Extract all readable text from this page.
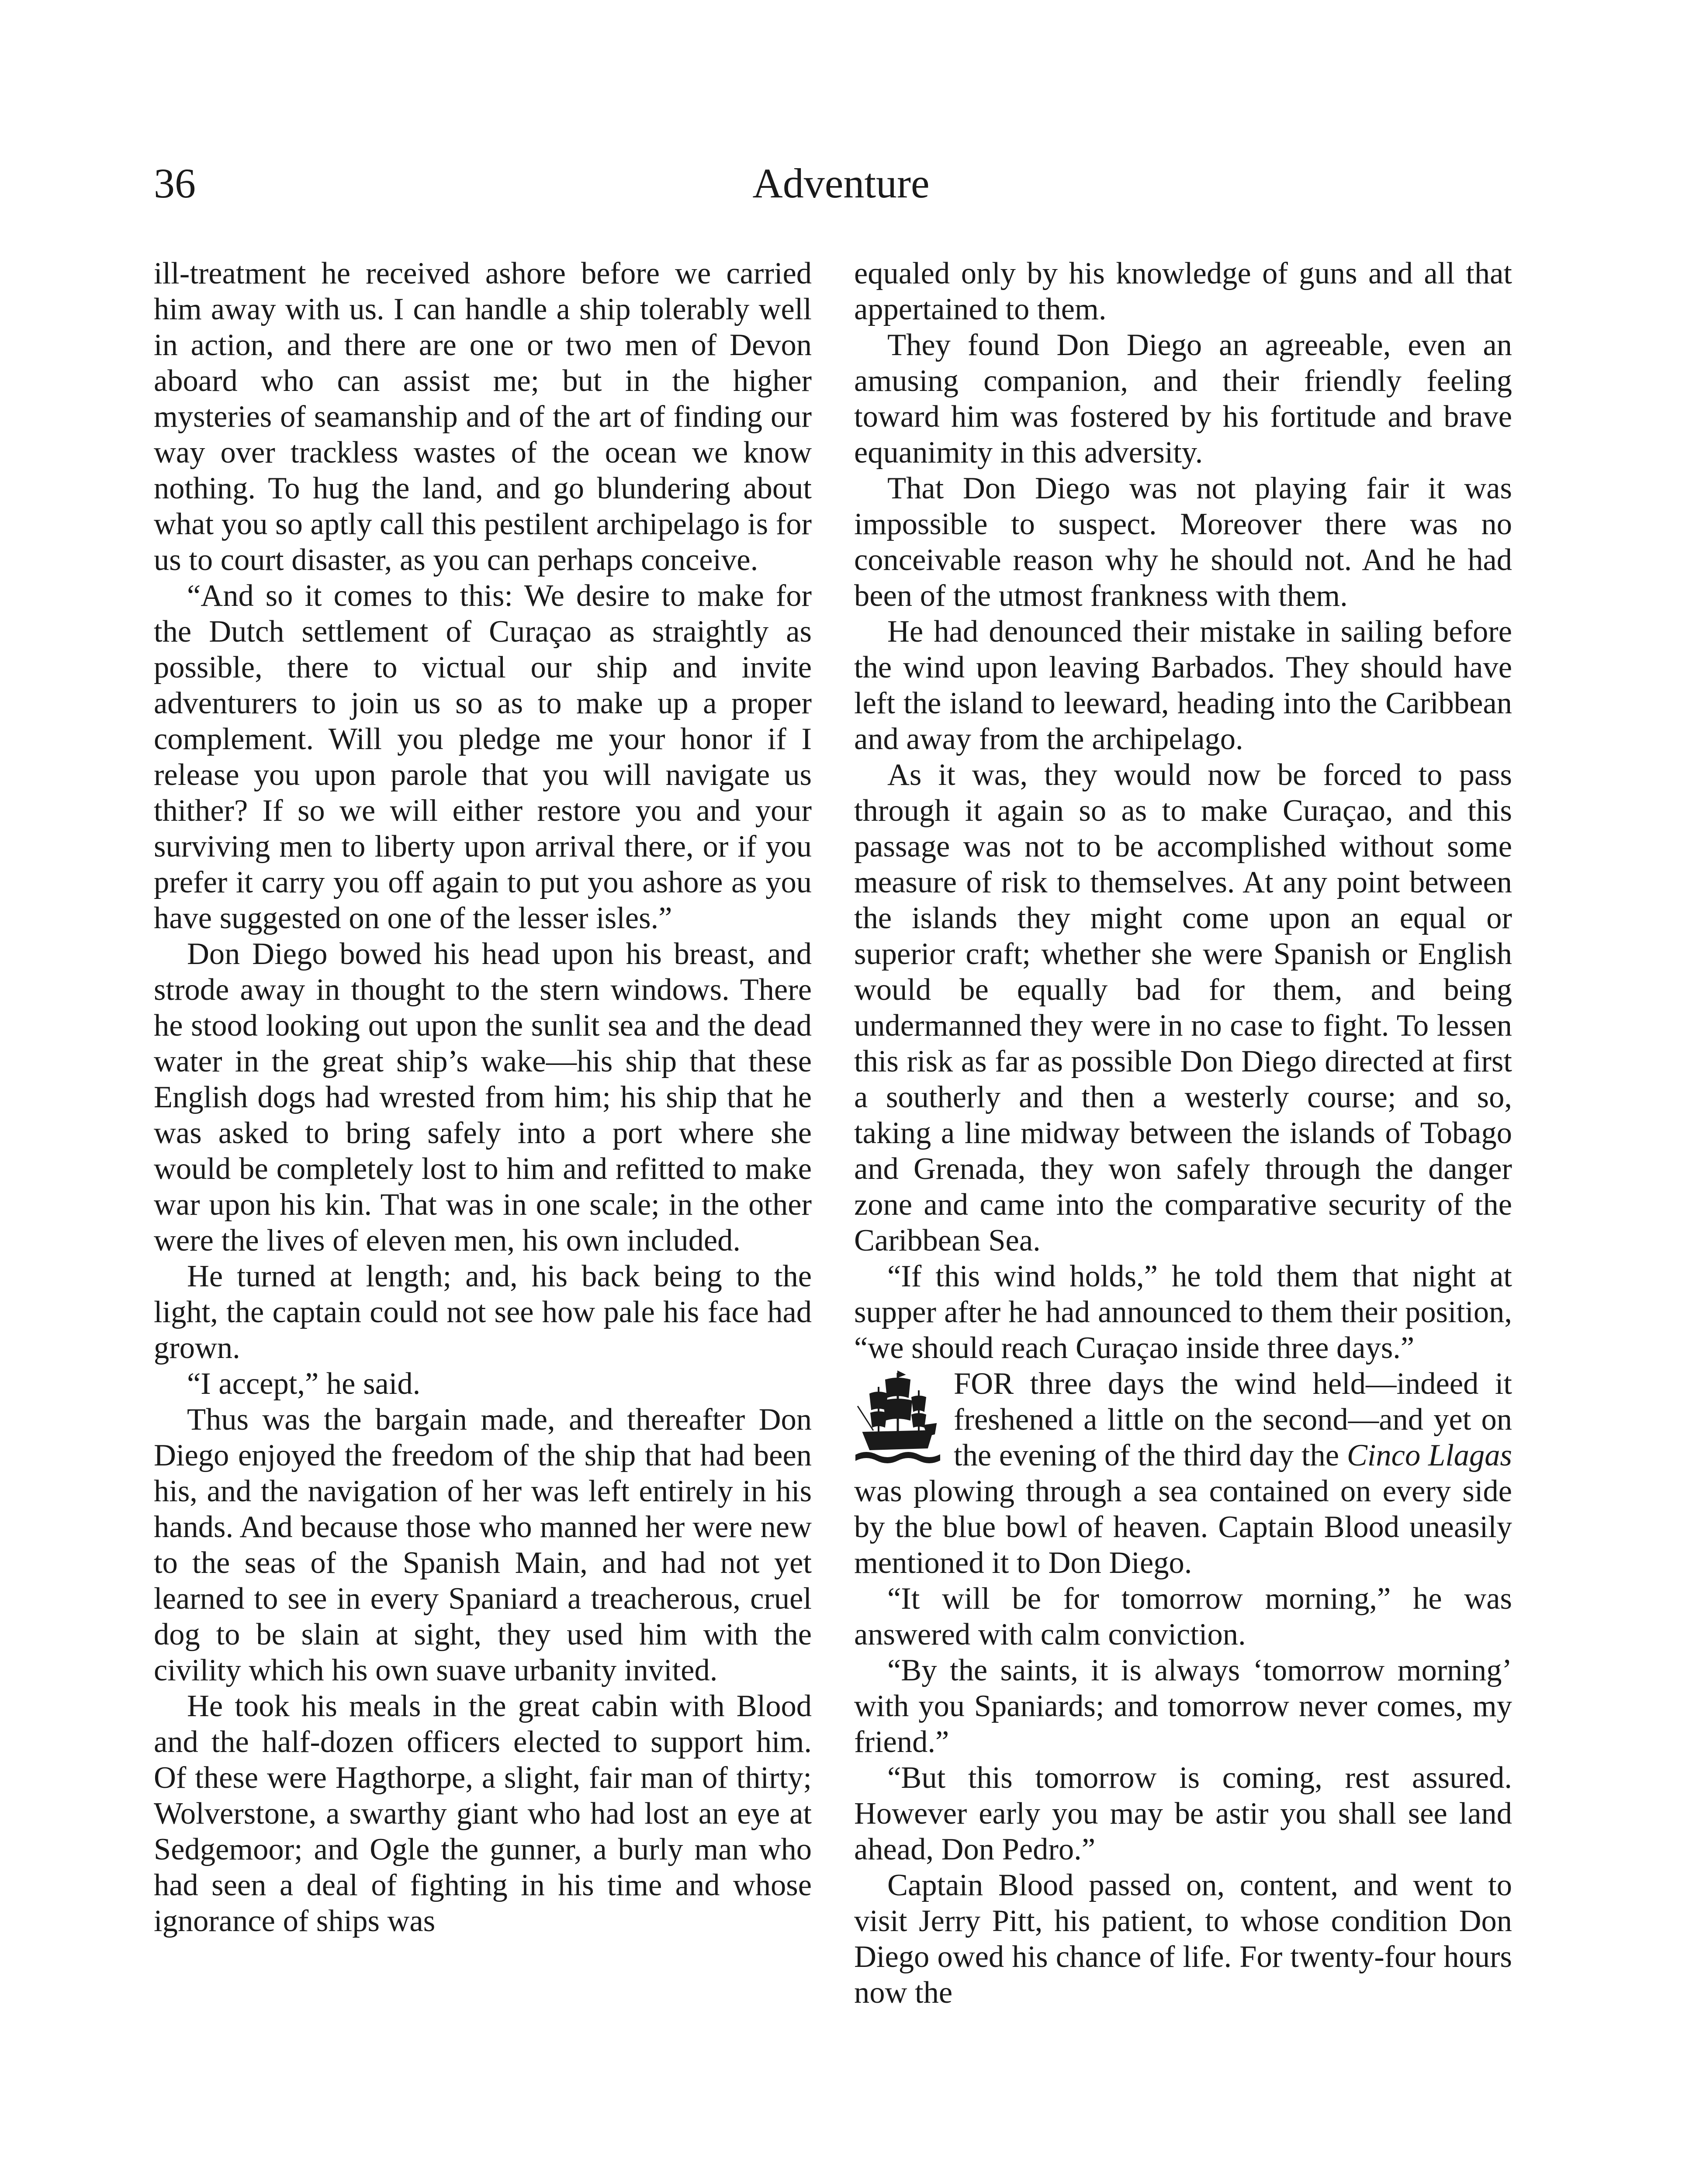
36	Adventure

ill-treatment he received ashore before we carried him away with us. I can handle a ship tolerably well in action, and there are one or two men of Devon aboard who can assist me; but in the higher mysteries of seamanship and of the art of finding our way over trackless wastes of the ocean we know nothing. To hug the land, and go blundering about what you so aptly call this pestilent archipelago is for us to court disaster, as you can perhaps conceive.

“And so it comes to this: We desire to make for the Dutch settlement of Curaçao as straightly as possible, there to victual our ship and invite adventurers to join us so as to make up a proper complement. Will you pledge me your honor if I release you upon parole that you will navigate us thither? If so we will either restore you and your surviving men to liberty upon arrival there, or if you prefer it carry you off again to put you ashore as you have suggested on one of the lesser isles.”

Don Diego bowed his head upon his breast, and strode away in thought to the stern windows. There he stood looking out upon the sunlit sea and the dead water in the great ship’s wake—his ship that these English dogs had wrested from him; his ship that he was asked to bring safely into a port where she would be completely lost to him and refitted to make war upon his kin. That was in one scale; in the other were the lives of eleven men, his own included.

He turned at length; and, his back being to the light, the captain could not see how pale his face had grown.

“I accept,” he said.

Thus was the bargain made, and thereafter Don Diego enjoyed the freedom of the ship that had been his, and the navigation of her was left entirely in his hands. And because those who manned her were new to the seas of the Spanish Main, and had not yet learned to see in every Spaniard a treacherous, cruel dog to be slain at sight, they used him with the civility which his own suave urbanity invited.

He took his meals in the great cabin with Blood and the half-dozen officers elected to support him. Of these were Hagthorpe, a slight, fair man of thirty; Wolverstone, a swarthy giant who had lost an eye at Sedgemoor; and Ogle the gunner, a burly man who had seen a deal of fighting in his time and whose ignorance of ships was

equaled only by his knowledge of guns and all that appertained to them.

They found Don Diego an agreeable, even an amusing companion, and their friendly feeling toward him was fostered by his fortitude and brave equanimity in this adversity.

That Don Diego was not playing fair it was impossible to suspect. Moreover there was no conceivable reason why he should not. And he had been of the utmost frankness with them.

He had denounced their mistake in sailing before the wind upon leaving Barbados. They should have left the island to leeward, heading into the Caribbean and away from the archipelago.

As it was, they would now be forced to pass through it again so as to make Curaçao, and this passage was not to be accomplished without some measure of risk to themselves. At any point between the islands they might come upon an equal or superior craft; whether she were Spanish or English would be equally bad for them, and being undermanned they were in no case to fight. To lessen this risk as far as possible Don Diego directed at first a southerly and then a westerly course; and so, taking a line midway between the islands of Tobago and Grenada, they won safely through the danger zone and came into the comparative security of the Caribbean Sea.

“If this wind holds,” he told them that night at supper after he had announced to them their position, “we should reach Curaçao inside three days.”

FOR three days the wind held—indeed it freshened a little on the second—and yet on the evening of the third day the Cinco Llagas was plowing through a sea contained on every side by the blue bowl of heaven. Captain Blood uneasily mentioned it to Don Diego.

“It will be for tomorrow morning,” he was answered with calm conviction.

“By the saints, it is always ‘tomorrow morning’ with you Spaniards; and tomorrow never comes, my friend.”

“But this tomorrow is coming, rest assured. However early you may be astir you shall see land ahead, Don Pedro.”

Captain Blood passed on, content, and went to visit Jerry Pitt, his patient, to whose condition Don Diego owed his chance of life. For twenty-four hours now the
